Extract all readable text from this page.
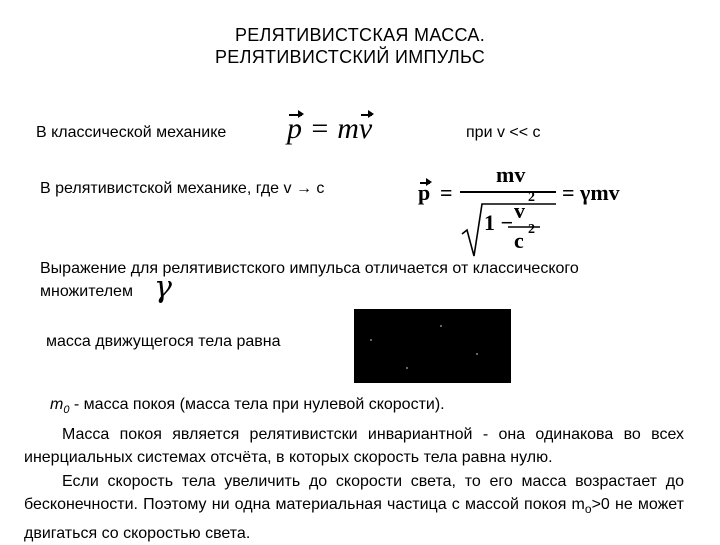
РЕЛЯТИВИСТСКАЯ МАССА.
РЕЛЯТИВИСТСКИЙ ИМПУЛЬС
В классической механике p = mv	при v << c
В релятивистской механике, где v → c	p =
mv
1 − v
2
c 2
= γmv
Выражение для релятивистского импульса отличается от классического
множителем γ
масса движущегося тела равна

$m_0$ - масса покоя (масса тела при нулевой скорости).

Масса покоя является релятивистски инвариантной - она одинакова во всех инерциальных системах отсчёта, в которых скорость тела равна нулю.

Если скорость тела увеличить до скорости света, то его масса возрастает до бесконечности. Поэтому ни одна материальная частица с массой покоя $m_о>0$ не может двигаться со скоростью света.
